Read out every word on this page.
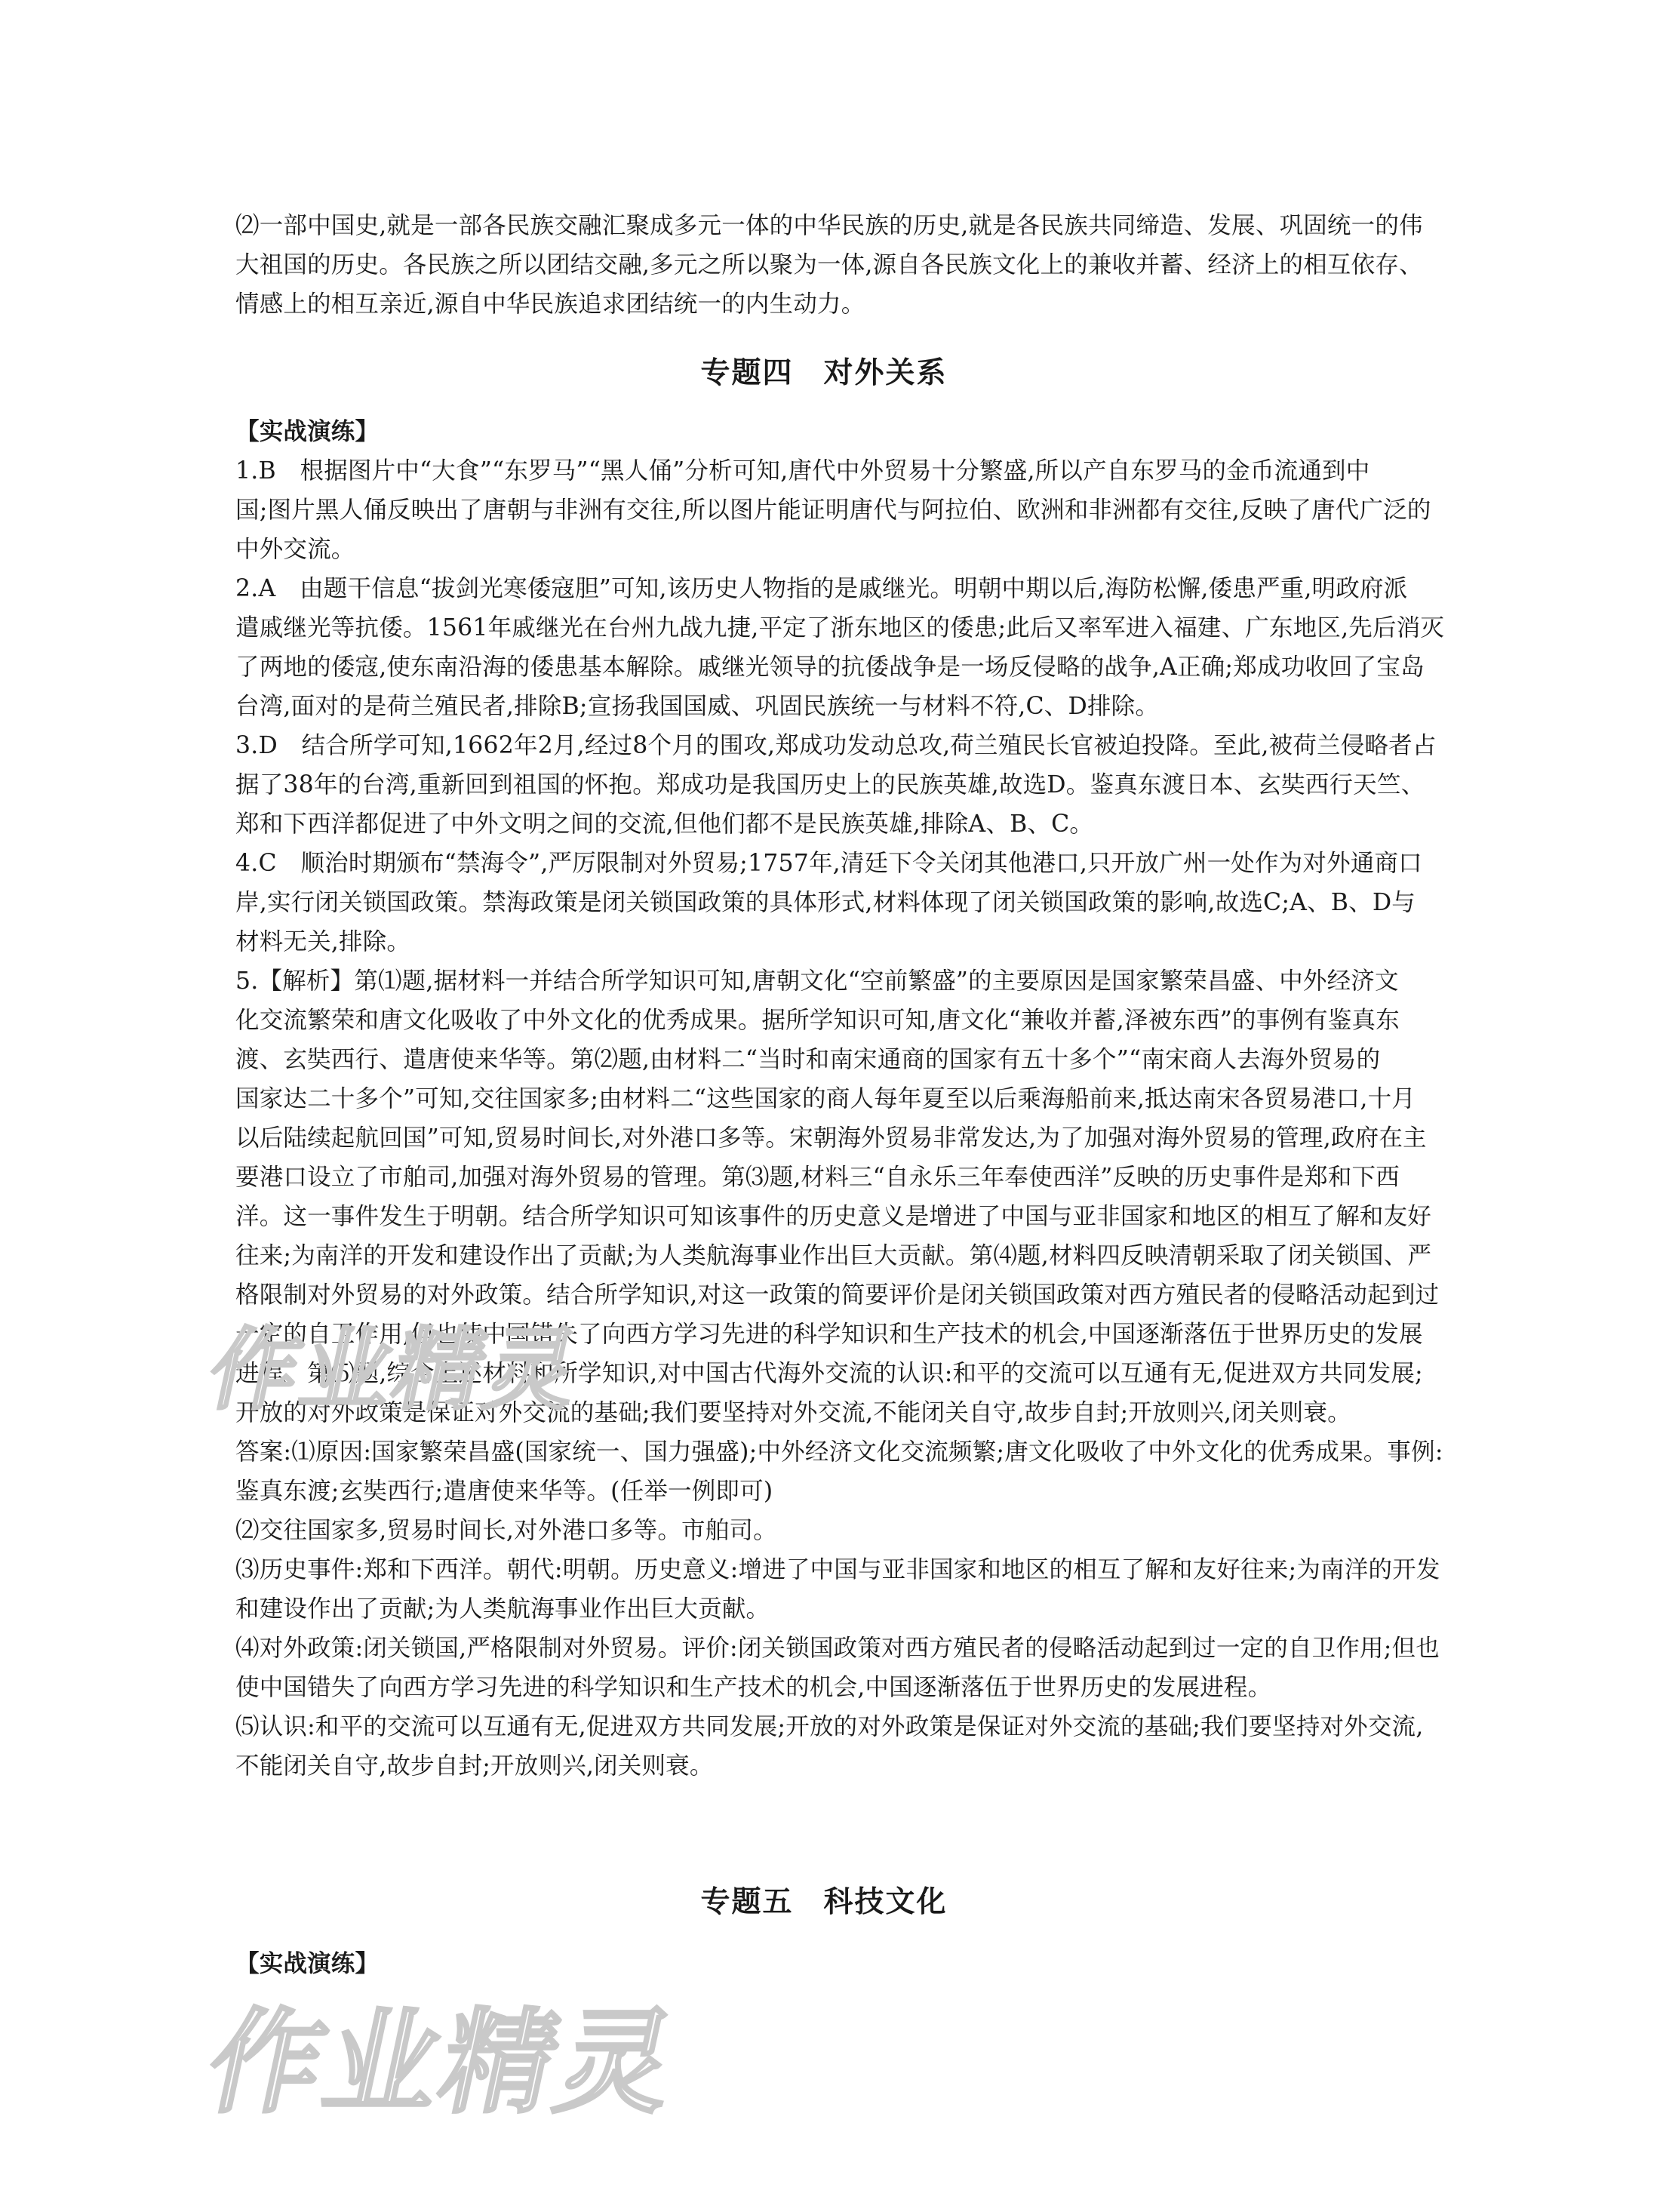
⑵一部中国史,就是一部各民族交融汇聚成多元一体的中华民族的历史,就是各民族共同缔造、发展、巩固统一的伟
大祖国的历史。各民族之所以团结交融,多元之所以聚为一体,源自各民族文化上的兼收并蓄、经济上的相互依存、
情感上的相互亲近,源自中华民族追求团结统一的内生动力。
专题四 对外关系
【实战演练】
1.B　根据图片中“大食”“东罗马”“黑人俑”分析可知,唐代中外贸易十分繁盛,所以产自东罗马的金币流通到中
国;图片黑人俑反映出了唐朝与非洲有交往,所以图片能证明唐代与阿拉伯、欧洲和非洲都有交往,反映了唐代广泛的
中外交流。
2.A　由题干信息“拔剑光寒倭寇胆”可知,该历史人物指的是戚继光。明朝中期以后,海防松懈,倭患严重,明政府派
遣戚继光等抗倭。1561年戚继光在台州九战九捷,平定了浙东地区的倭患;此后又率军进入福建、广东地区,先后消灭
了两地的倭寇,使东南沿海的倭患基本解除。戚继光领导的抗倭战争是一场反侵略的战争,A正确;郑成功收回了宝岛
台湾,面对的是荷兰殖民者,排除B;宣扬我国国威、巩固民族统一与材料不符,C、D排除。
3.D　结合所学可知,1662年2月,经过8个月的围攻,郑成功发动总攻,荷兰殖民长官被迫投降。至此,被荷兰侵略者占
据了38年的台湾,重新回到祖国的怀抱。郑成功是我国历史上的民族英雄,故选D。鉴真东渡日本、玄奘西行天竺、
郑和下西洋都促进了中外文明之间的交流,但他们都不是民族英雄,排除A、B、C。
4.C　顺治时期颁布“禁海令”,严厉限制对外贸易;1757年,清廷下令关闭其他港口,只开放广州一处作为对外通商口
岸,实行闭关锁国政策。禁海政策是闭关锁国政策的具体形式,材料体现了闭关锁国政策的影响,故选C;A、B、D与
材料无关,排除。
5.【解析】第⑴题,据材料一并结合所学知识可知,唐朝文化“空前繁盛”的主要原因是国家繁荣昌盛、中外经济文
化交流繁荣和唐文化吸收了中外文化的优秀成果。据所学知识可知,唐文化“兼收并蓄,泽被东西”的事例有鉴真东
渡、玄奘西行、遣唐使来华等。第⑵题,由材料二“当时和南宋通商的国家有五十多个”“南宋商人去海外贸易的
国家达二十多个”可知,交往国家多;由材料二“这些国家的商人每年夏至以后乘海船前来,抵达南宋各贸易港口,十月
以后陆续起航回国”可知,贸易时间长,对外港口多等。宋朝海外贸易非常发达,为了加强对海外贸易的管理,政府在主
要港口设立了市舶司,加强对海外贸易的管理。第⑶题,材料三“自永乐三年奉使西洋”反映的历史事件是郑和下西
洋。这一事件发生于明朝。结合所学知识可知该事件的历史意义是增进了中国与亚非国家和地区的相互了解和友好
往来;为南洋的开发和建设作出了贡献;为人类航海事业作出巨大贡献。第⑷题,材料四反映清朝采取了闭关锁国、严
格限制对外贸易的对外政策。结合所学知识,对这一政策的简要评价是闭关锁国政策对西方殖民者的侵略活动起到过
一定的自卫作用,但也使中国错失了向西方学习先进的科学知识和生产技术的机会,中国逐渐落伍于世界历史的发展
进程。第⑸题,综合上述材料和所学知识,对中国古代海外交流的认识:和平的交流可以互通有无,促进双方共同发展;
开放的对外政策是保证对外交流的基础;我们要坚持对外交流,不能闭关自守,故步自封;开放则兴,闭关则衰。
答案:⑴原因:国家繁荣昌盛(国家统一、国力强盛);中外经济文化交流频繁;唐文化吸收了中外文化的优秀成果。事例:
鉴真东渡;玄奘西行;遣唐使来华等。(任举一例即可)
⑵交往国家多,贸易时间长,对外港口多等。市舶司。
⑶历史事件:郑和下西洋。朝代:明朝。历史意义:增进了中国与亚非国家和地区的相互了解和友好往来;为南洋的开发
和建设作出了贡献;为人类航海事业作出巨大贡献。
⑷对外政策:闭关锁国,严格限制对外贸易。评价:闭关锁国政策对西方殖民者的侵略活动起到过一定的自卫作用;但也
使中国错失了向西方学习先进的科学知识和生产技术的机会,中国逐渐落伍于世界历史的发展进程。
⑸认识:和平的交流可以互通有无,促进双方共同发展;开放的对外政策是保证对外交流的基础;我们要坚持对外交流,
不能闭关自守,故步自封;开放则兴,闭关则衰。
专题五 科技文化
【实战演练】
作业精灵
作业精灵
